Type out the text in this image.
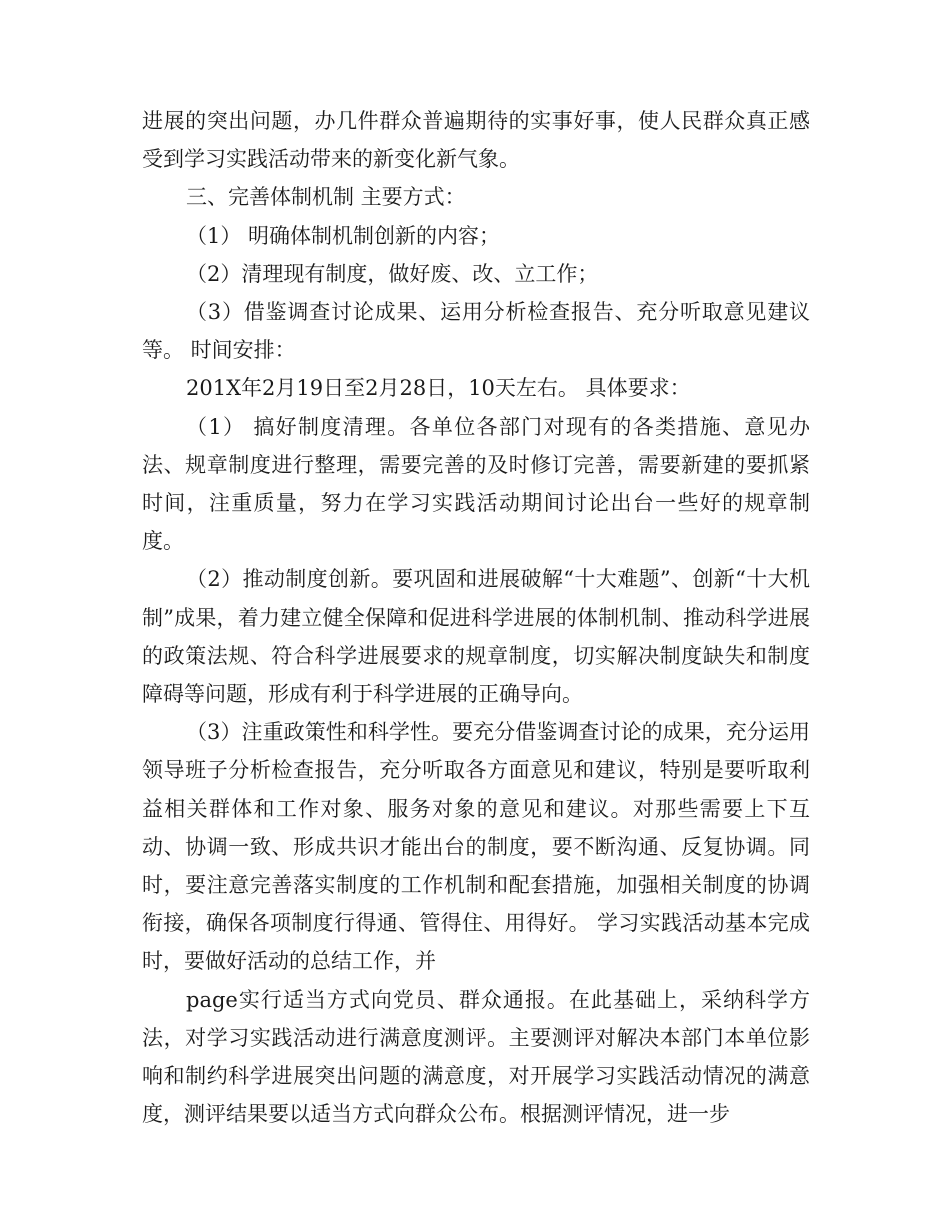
进展的突出问题，办几件群众普遍期待的实事好事，使人民群众真正感受到学习实践活动带来的新变化新气象。

三、完善体制机制 主要方式：

（1） 明确体制机制创新的内容；

（2）清理现有制度，做好废、改、立工作；

（3）借鉴调查讨论成果、运用分析检查报告、充分听取意见建议等。 时间安排：

201X年2月19日至2月28日，10天左右。 具体要求：

（1） 搞好制度清理。各单位各部门对现有的各类措施、意见办法、规章制度进行整理，需要完善的及时修订完善，需要新建的要抓紧时间，注重质量，努力在学习实践活动期间讨论出台一些好的规章制度。

（2）推动制度创新。要巩固和进展破解“十大难题”、创新“十大机制”成果，着力建立健全保障和促进科学进展的体制机制、推动科学进展的政策法规、符合科学进展要求的规章制度，切实解决制度缺失和制度障碍等问题，形成有利于科学进展的正确导向。

（3）注重政策性和科学性。要充分借鉴调查讨论的成果，充分运用领导班子分析检查报告，充分听取各方面意见和建议，特别是要听取利益相关群体和工作对象、服务对象的意见和建议。对那些需要上下互动、协调一致、形成共识才能出台的制度，要不断沟通、反复协调。同时，要注意完善落实制度的工作机制和配套措施，加强相关制度的协调衔接，确保各项制度行得通、管得住、用得好。 学习实践活动基本完成时，要做好活动的总结工作，并

page实行适当方式向党员、群众通报。在此基础上，采纳科学方法，对学习实践活动进行满意度测评。主要测评对解决本部门本单位影响和制约科学进展突出问题的满意度，对开展学习实践活动情况的满意度，测评结果要以适当方式向群众公布。根据测评情况，进一步
